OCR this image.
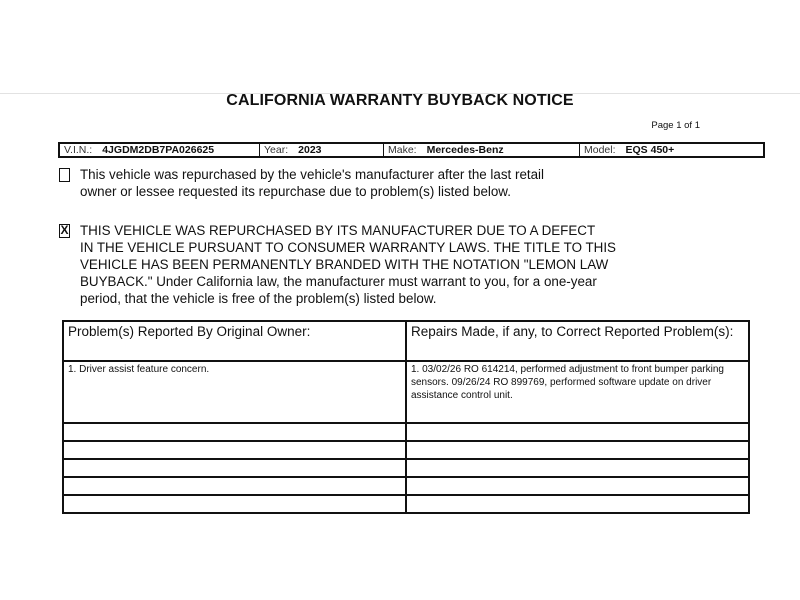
CALIFORNIA WARRANTY BUYBACK NOTICE
Page 1 of 1
V.I.N.: 4JGDM2DB7PA026625	Year: 2023	Make: Mercedes-Benz	Model: EQS 450+
This vehicle was repurchased by the vehicle's manufacturer after the last retail
owner or lessee requested its repurchase due to problem(s) listed below.
X THIS VEHICLE WAS REPURCHASED BY ITS MANUFACTURER DUE TO A DEFECT
IN THE VEHICLE PURSUANT TO CONSUMER WARRANTY LAWS. THE TITLE TO THIS
VEHICLE HAS BEEN PERMANENTLY BRANDED WITH THE NOTATION "LEMON LAW
BUYBACK." Under California law, the manufacturer must warrant to you, for a one-year
period, that the vehicle is free of the problem(s) listed below.
Problem(s) Reported By Original Owner:	Repairs Made, if any, to Correct Reported Problem(s):
1. Driver assist feature concern.	1. 03/02/26 RO 614214, performed adjustment to front bumper parking sensors. 09/26/24 RO 899769, performed software update on driver assistance control unit.
